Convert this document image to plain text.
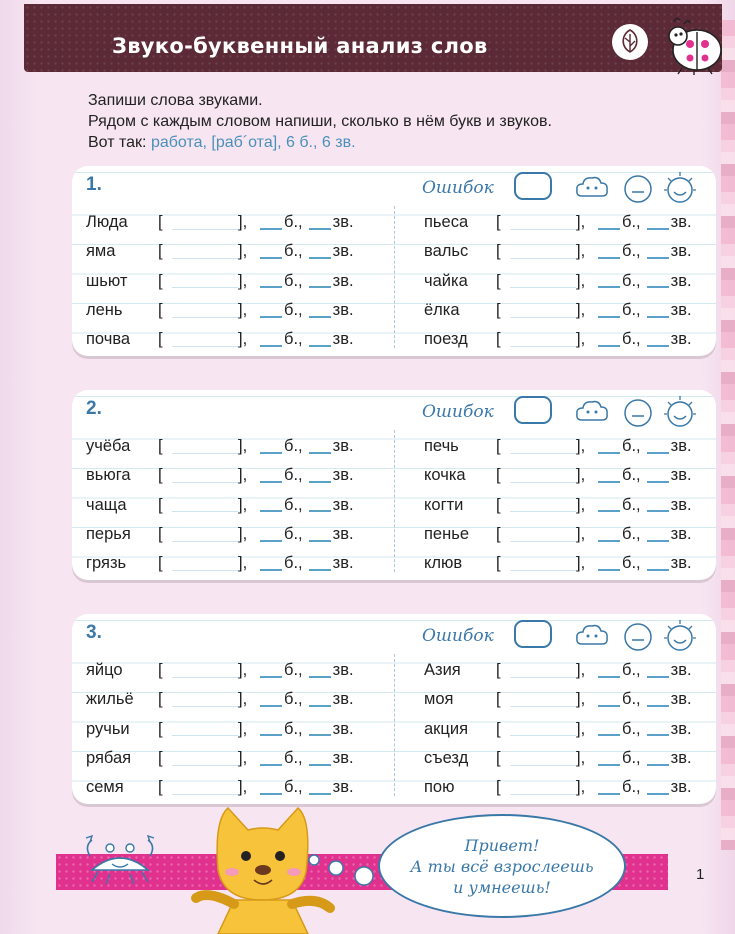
Звуко-буквенный анализ слов
Запиши слова звуками.
Рядом с каждым словом напиши, сколько в нём букв и звуков.
Вот так: работа, [раб´ота], 6 б., 6 зв.
1.	Ошибок
Люда	[	],	б., зв.
яма	[	],	б., зв.
шьют	[	],	б., зв.
лень	[	],	б., зв.
почва	[	],	б., зв.
пьеса	[	],	б., зв.
вальс	[	],	б., зв.
чайка	[	],	б., зв.
ёлка	[	],	б., зв.
поезд	[	],	б., зв.
2.	Ошибок
учёба	[	],	б., зв.
вьюга	[	],	б., зв.
чаща	[	],	б., зв.
перья	[	],	б., зв.
грязь	[	],	б., зв.
печь	[	],	б., зв.
кочка	[	],	б., зв.
когти	[	],	б., зв.
пенье	[	],	б., зв.
клюв	[	],	б., зв.
3.	Ошибок
яйцо	[	],	б., зв.
жильё	[	],	б., зв.
ручьи	[	],	б., зв.
рябая	[	],	б., зв.
семя	[	],	б., зв.
Азия	[	],	б., зв.
моя	[	],	б., зв.
акция	[	],	б., зв.
съезд	[	],	б., зв.
пою	[	],	б., зв.
Привет!
А ты всё взрослеешь
и умнеешь!
1
